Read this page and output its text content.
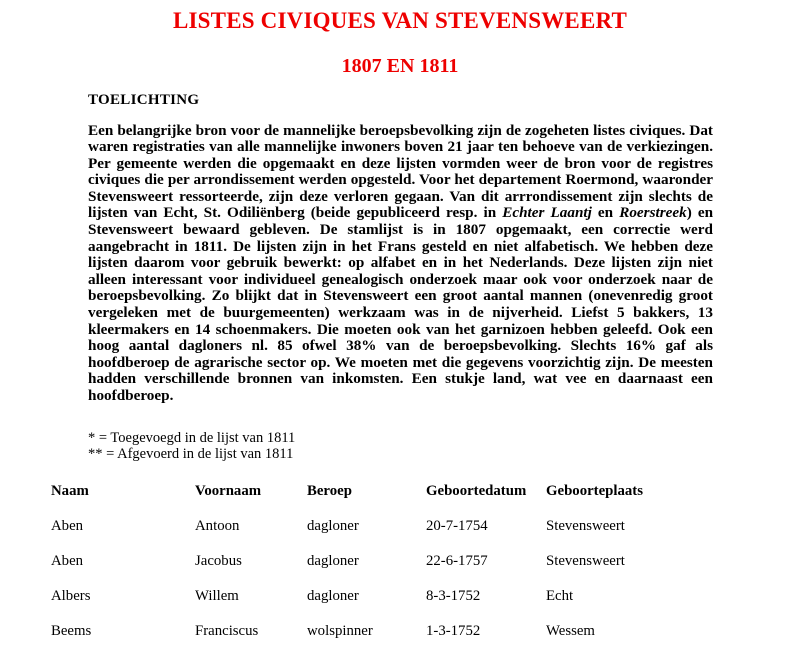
LISTES CIVIQUES VAN STEVENSWEERT
1807 EN 1811
TOELICHTING

Een belangrijke bron voor de mannelijke beroepsbevolking zijn de zogeheten listes civiques. Dat waren registraties van alle mannelijke inwoners boven 21 jaar ten behoeve van de verkiezingen. Per gemeente werden die opgemaakt en deze lijsten vormden weer de bron voor de registres civiques die per arrondissement werden opgesteld. Voor het departement Roermond, waaronder Stevensweert ressorteerde, zijn deze verloren gegaan. Van dit arrrondissement zijn slechts de lijsten van Echt, St. Odiliënberg (beide gepubliceerd resp. in Echter Laantj en Roerstreek) en Stevensweert bewaard gebleven. De stamlijst is in 1807 opgemaakt, een correctie werd aangebracht in 1811. De lijsten zijn in het Frans gesteld en niet alfabetisch. We hebben deze lijsten daarom voor gebruik bewerkt: op alfabet en in het Nederlands. Deze lijsten zijn niet alleen interessant voor individueel genealogisch onderzoek maar ook voor onderzoek naar de beroepsbevolking. Zo blijkt dat in Stevensweert een groot aantal mannen (onevenredig groot vergeleken met de buurgemeenten) werkzaam was in de nijverheid. Liefst 5 bakkers, 13 kleermakers en 14 schoenmakers. Die moeten ook van het garnizoen hebben geleefd. Ook een hoog aantal dagloners nl. 85 ofwel 38% van de beroepsbevolking. Slechts 16% gaf als hoofdberoep de agrarische sector op. We moeten met die gegevens voorzichtig zijn. De meesten hadden verschillende bronnen van inkomsten. Een stukje land, wat vee en daarnaast een hoofdberoep.

* = Toegevoegd in de lijst van 1811
** = Afgevoerd in de lijst van 1811
Naam	Voornaam	Beroep	Geboortedatum	Geboorteplaats
Aben	Antoon	dagloner	20-7-1754	Stevensweert
Aben	Jacobus	dagloner	22-6-1757	Stevensweert
Albers	Willem	dagloner	8-3-1752	Echt
Beems	Franciscus	wolspinner	1-3-1752	Wessem
